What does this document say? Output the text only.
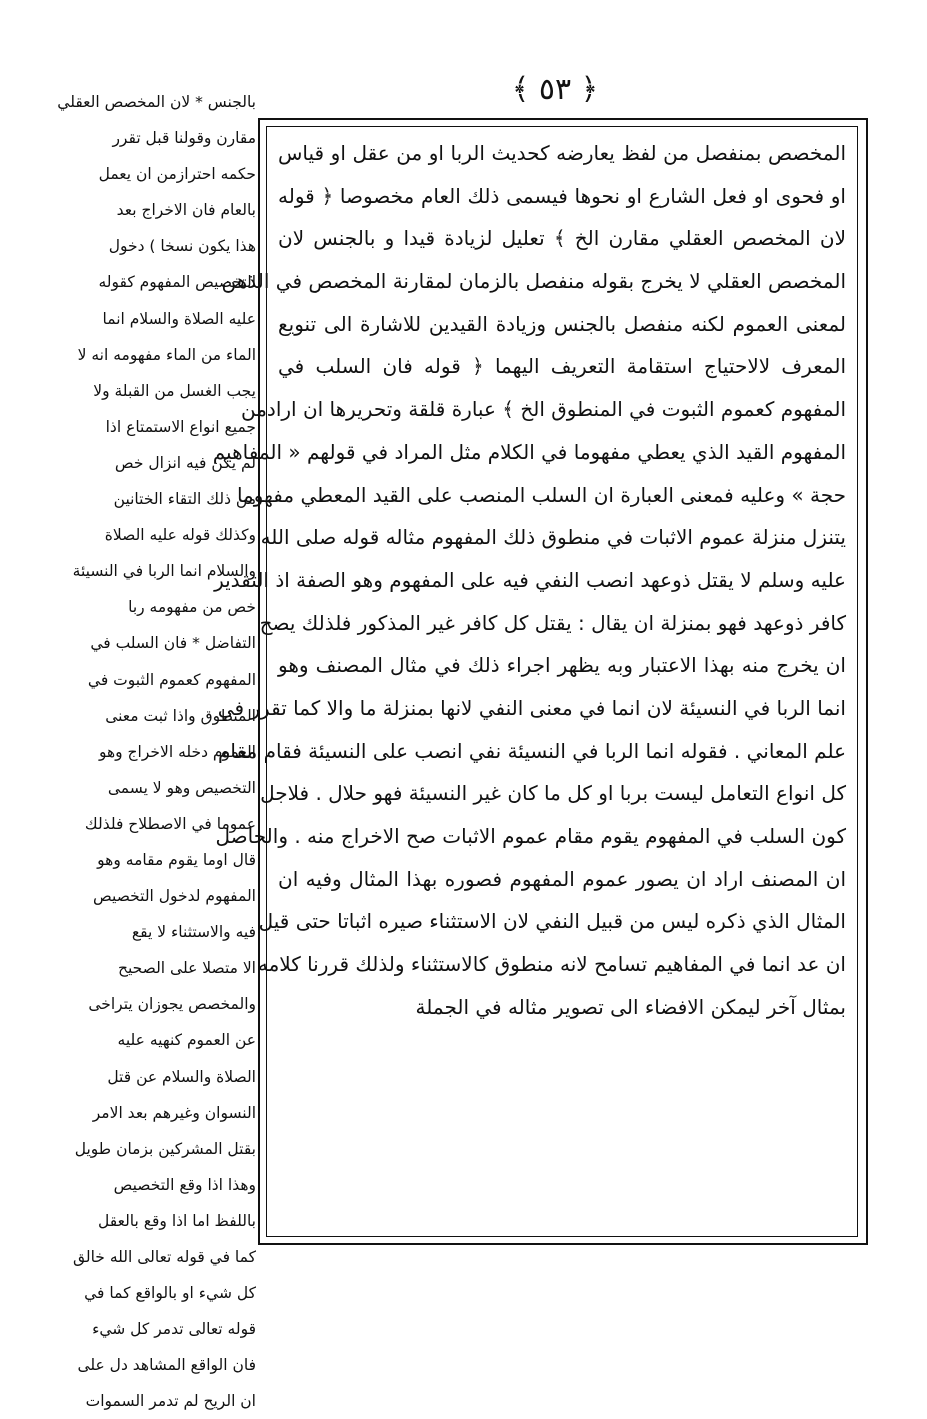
﴿ ٥٣ ﴾
بالجنس * لان المخصص العقلي
مقارن وقولنا قبل تقرر
حكمه احترازمن ان يعمل
بالعام فان الاخراج بعد
هذا يكون نسخا ) دخول
التخصيص المفهوم كقوله
عليه الصلاة والسلام انما
الماء من الماء مفهومه انه لا
يجب الغسل من القبلة ولا
جميع انواع الاستمتاع اذا
لم يكن فيه انزال خص
من ذلك التقاء الختانين
وكذلك قوله عليه الصلاة
والسلام انما الربا في النسيئة
خص من مفهومه ربا
التفاضل * فان السلب في
المفهوم كعموم الثبوت في
المنطوق واذا ثبت معنى
العموم دخله الاخراج وهو
التخصيص وهو لا يسمى
عموما في الاصطلاح فلذلك
قال اوما يقوم مقامه وهو
المفهوم لدخول التخصيص
فيه والاستثناء لا يقع
الا متصلا على الصحيح
والمخصص يجوزان يتراخى
عن العموم كنهيه عليه
الصلاة والسلام عن قتل
النسوان وغيرهم بعد الامر
بقتل المشركين بزمان طويل
وهذا اذا وقع التخصيص
باللفظ اما اذا وقع بالعقل
كما في قوله تعالى الله خالق
كل شيء او بالواقع كما في
قوله تعالى تدمر كل شيء
فان الواقع المشاهد دل على
ان الريح لم تدمر السموات
المخصص بمنفصل من لفظ يعارضه كحديث الربا او من عقل او قياس
او فحوى او فعل الشارع او نحوها فيسمى ذلك العام مخصوصا ﴿ قوله
لان المخصص العقلي مقارن الخ ﴾ تعليل لزيادة قيدا و بالجنس لان
المخصص العقلي لا يخرج بقوله منفصل بالزمان لمقارنة المخصص في الذهن
لمعنى العموم لكنه منفصل بالجنس وزيادة القيدين للاشارة الى تنويع
المعرف لالاحتياج استقامة التعريف اليهما ﴿ قوله فان السلب في
المفهوم كعموم الثبوت في المنطوق الخ ﴾ عبارة قلقة وتحريرها ان ارادمن
المفهوم القيد الذي يعطي مفهوما في الكلام مثل المراد في قولهم « المفاهيم
حجة » وعليه فمعنى العبارة ان السلب المنصب على القيد المعطي مفهوما
يتنزل منزلة عموم الاثبات في منطوق ذلك المفهوم مثاله قوله صلى الله
عليه وسلم لا يقتل ذوعهد انصب النفي فيه على المفهوم وهو الصفة اذ التقدير
كافر ذوعهد فهو بمنزلة ان يقال : يقتل كل كافر غير المذكور فلذلك يصح
ان يخرج منه بهذا الاعتبار وبه يظهر اجراء ذلك في مثال المصنف وهو
انما الربا في النسيئة لان انما في معنى النفي لانها بمنزلة ما والا كما تقرر في
علم المعاني . فقوله انما الربا في النسيئة نفي انصب على النسيئة فقام مقام
كل انواع التعامل ليست بربا او كل ما كان غير النسيئة فهو حلال . فلاجل
كون السلب في المفهوم يقوم مقام عموم الاثبات صح الاخراج منه . والحاصل
ان المصنف اراد ان يصور عموم المفهوم فصوره بهذا المثال وفيه ان
المثال الذي ذكره ليس من قبيل النفي لان الاستثناء صيره اثباتا حتى قيل
ان عد انما في المفاهيم تسامح لانه منطوق كالاستثناء ولذلك قررنا كلامه
بمثال آخر ليمكن الافضاء الى تصوير مثاله في الجملة
